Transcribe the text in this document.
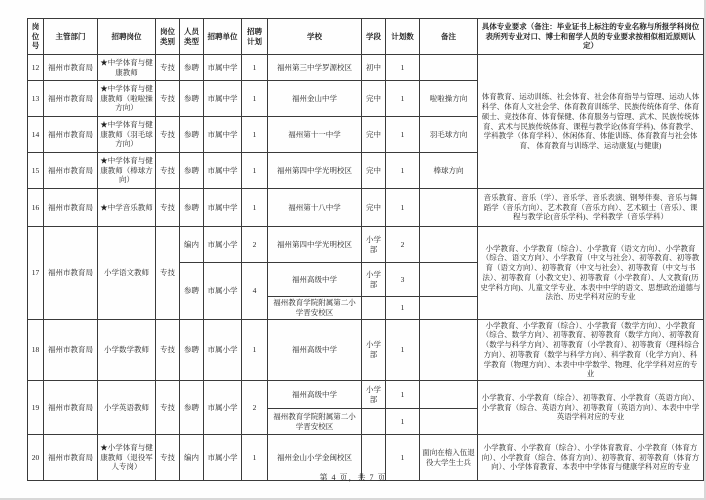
岗位号	主管部门	招聘岗位	岗位类别	人员类型	招聘单位	招聘计划	学校	学段	计划数	备注	具体专业要求（备注：毕业证书上标注的专业名称与所报学科岗位表所列专业对口、博士和留学人员的专业要求按相似相近原则认定）
12	福州市教育局	★中学体育与健康教师	专技	参聘	市属中学	1	福州第三中学罗源校区	初中	1		体育教育、运动训练、社会体育、社会体育指导与管理、运动人体科学、体育人文社会学、体育教育训练学、民族传统体育学、体育硕士、竞技体育、体育保健、体育服务与管理、武术、民族传统体育、武术与民族传统体育、课程与教学论(体育学科)、体育教学、学科教学（体育学科）、休闲体育、体能训练、体育教育与社会体育、 体育教育与训练学、运动康复(与健康)
13	福州市教育局	★中学体育与健康教师（啦啦操方向）	专技	参聘	市属中学	1	福州金山中学	完中	1	啦啦操方向	
14	福州市教育局	★中学体育与健康教师（羽毛球方向）	专技	参聘	市属中学	1	福州第十一中学	完中	1	羽毛球方向	
15	福州市教育局	★中学体育与健康教师（棒球方向）	专技	参聘	市属中学	1	福州第四中学光明校区	完中	1	棒球方向	
16	福州市教育局	★中学音乐教师	专技	参聘	市属中学	1	福州第十八中学	完中	1		音乐教育、音乐（学）、音乐学、音乐表演、钢琴伴奏、音乐与舞蹈学（音乐方向）、艺术教育（音乐方向）、艺术硕士（音乐）、课程与教学论(音乐学科)、学科教学（音乐学科）
17	福州市教育局	小学语文教师	专技	编内	市属小学	2	福州第四中学光明校区	小学部	2		小学教育、小学教育（综合）、小学教育（语文方向）、小学教育（综合、语文方向）、小学教育（中文与社会）、初等教育、初等教育（语文方向）、初等教育（中文与社会）、初等教育（中文与书法）、初等教育（小教文史）、初等教育（小学教育）、人文教育(历史学科方向)、儿童文学专业、本表中中学的语文、思想政治道德与法治、历史学科对应的专业
				参聘	市属小学	4	福州高级中学	小学部	3		
							福州教育学院附属第二小学晋安校区		1		
18	福州市教育局	小学数学教师	专技	参聘	市属小学	1	福州高级中学	小学部	1		小学教育、小学教育（综合）、小学教育（数学方向）、小学教育（综合、数学方向）、初等教育、初等教育（数学方向）、初等教育（数学与科学方向）、初等教育（小学教育）、初等教育（理科综合方向）、初等教育（数学与科学方向）、科学教育（化学方向）、科学教育（物理方向）、本表中中学数学、物理、化学学科对应的专业
19	福州市教育局	小学英语教师	专技	参聘	市属小学	2	福州高级中学	小学部	1		小学教育、小学教育（综合）、初等教育、小学教育（英语方向）、小学教育（综合、英语方向）、初等教育（英语方向）、本表中中学英语学科对应的专业
							福州教育学院附属第二小学晋安校区		1		
20	福州市教育局	★小学体育与健康教师（退役军人专岗）	专技	编内	市属小学	1	福州金山小学金闽校区		1	面向在榕入伍退役大学生士兵	小学教育、小学教育（综合）、小学体育教育、小学教育（体育方向）、小学教育（综合、体育方向）、初等教育、初等教育（体育方向）、小学体育教育、本表中中学体育与健康学科对应的专业
第 4 页，共 7 页
